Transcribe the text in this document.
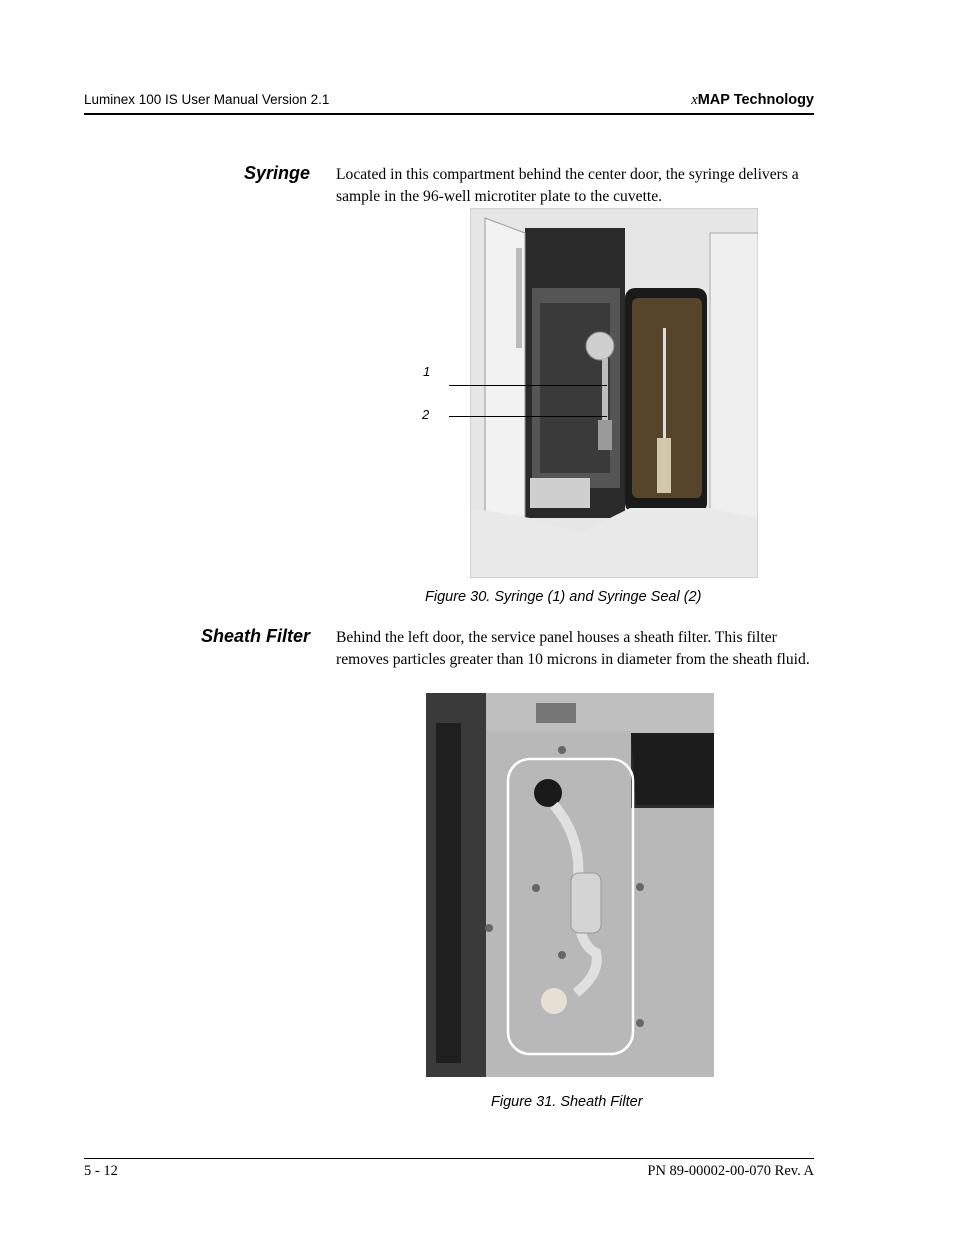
Luminex 100 IS User Manual Version 2.1	xMAP Technology
Syringe Located in this compartment behind the center door, the syringe delivers a sample in the 96-well microtiter plate to the cuvette.
1
2
Figure 30. Syringe (1) and Syringe Seal (2)
Sheath Filter Behind the left door, the service panel houses a sheath filter. This filter removes particles greater than 10 microns in diameter from the sheath fluid.
Figure 31. Sheath Filter
5 - 12	PN 89-00002-00-070 Rev. A
